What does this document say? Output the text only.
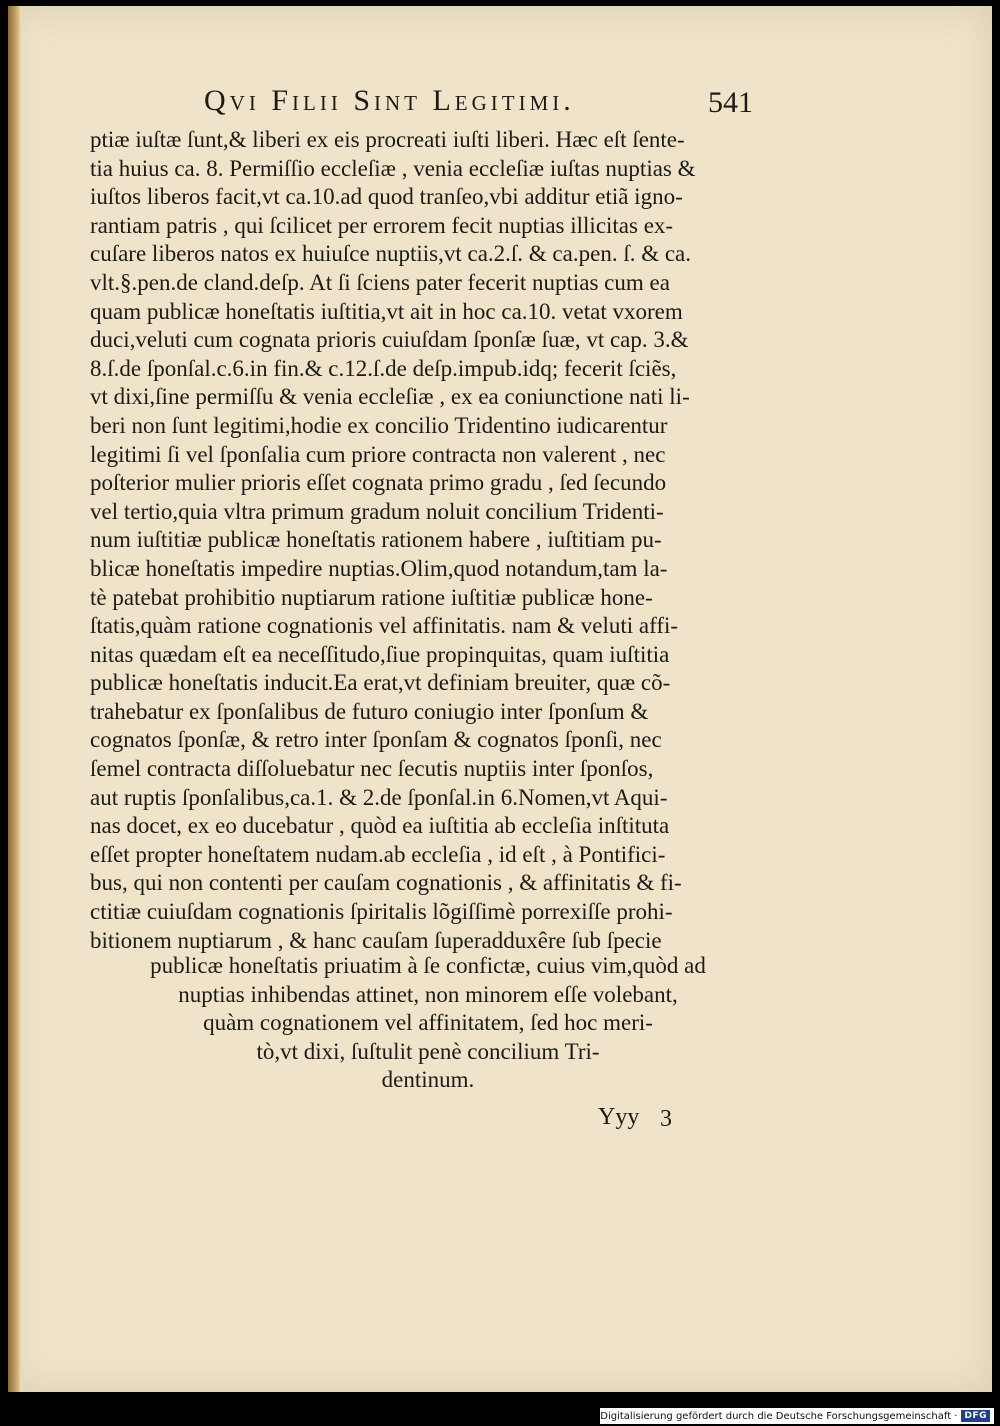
Qvi Filii Sint Legitimi.	541
ptiæ iuſtæ ſunt,& liberi ex eis procreati iuſti liberi. Hæc eſt ſente-
tia huius ca. 8. Permiſſio eccleſiæ , venia eccleſiæ iuſtas nuptias &
iuſtos liberos facit,vt ca.10.ad quod tranſeo,vbi additur etiã igno-
rantiam patris , qui ſcilicet per errorem fecit nuptias illicitas ex-
cuſare liberos natos ex huiuſce nuptiis,vt ca.2.ſ. & ca.pen. ſ. & ca.
vlt.§.pen.de cland.deſp. At ſi ſciens pater fecerit nuptias cum ea
quam publicæ honeſtatis iuſtitia,vt ait in hoc ca.10. vetat vxorem
duci,veluti cum cognata prioris cuiuſdam ſponſæ ſuæ, vt cap. 3.&
8.ſ.de ſponſal.c.6.in fin.& c.12.ſ.de deſp.impub.idq; fecerit ſciẽs,
vt dixi,ſine permiſſu & venia eccleſiæ , ex ea coniunctione nati li-
beri non ſunt legitimi,hodie ex concilio Tridentino iudicarentur
legitimi ſi vel ſponſalia cum priore contracta non valerent , nec
poſterior mulier prioris eſſet cognata primo gradu , ſed ſecundo
vel tertio,quia vltra primum gradum noluit concilium Tridenti-
num iuſtitiæ publicæ honeſtatis rationem habere , iuſtitiam pu-
blicæ honeſtatis impedire nuptias.Olim,quod notandum,tam la-
tè patebat prohibitio nuptiarum ratione iuſtitiæ publicæ hone-
ſtatis,quàm ratione cognationis vel affinitatis. nam & veluti affi-
nitas quædam eſt ea neceſſitudo,ſiue propinquitas, quam iuſtitia
publicæ honeſtatis inducit.Ea erat,vt definiam breuiter, quæ cõ-
trahebatur ex ſponſalibus de futuro coniugio inter ſponſum &
cognatos ſponſæ, & retro inter ſponſam & cognatos ſponſi, nec
ſemel contracta diſſoluebatur nec ſecutis nuptiis inter ſponſos,
aut ruptis ſponſalibus,ca.1. & 2.de ſponſal.in 6.Nomen,vt Aqui-
nas docet, ex eo ducebatur , quòd ea iuſtitia ab eccleſia inſtituta
eſſet propter honeſtatem nudam.ab eccleſia , id eſt , à Pontifici-
bus, qui non contenti per cauſam cognationis , & affinitatis & fi-
ctitiæ cuiuſdam cognationis ſpiritalis lõgiſſimè porrexiſſe prohi-
bitionem nuptiarum , & hanc cauſam ſuperadduxêre ſub ſpecie
publicæ honeſtatis priuatim à ſe confictæ, cuius vim,quòd ad
nuptias inhibendas attinet, non minorem eſſe volebant,
quàm cognationem vel affinitatem, ſed hoc meri-
tò,vt dixi, ſuſtulit penè concilium Tri-
dentinum.
Yyy 3
Digitalisierung gefördert durch die Deutsche Forschungsgemeinschaft · DFG
